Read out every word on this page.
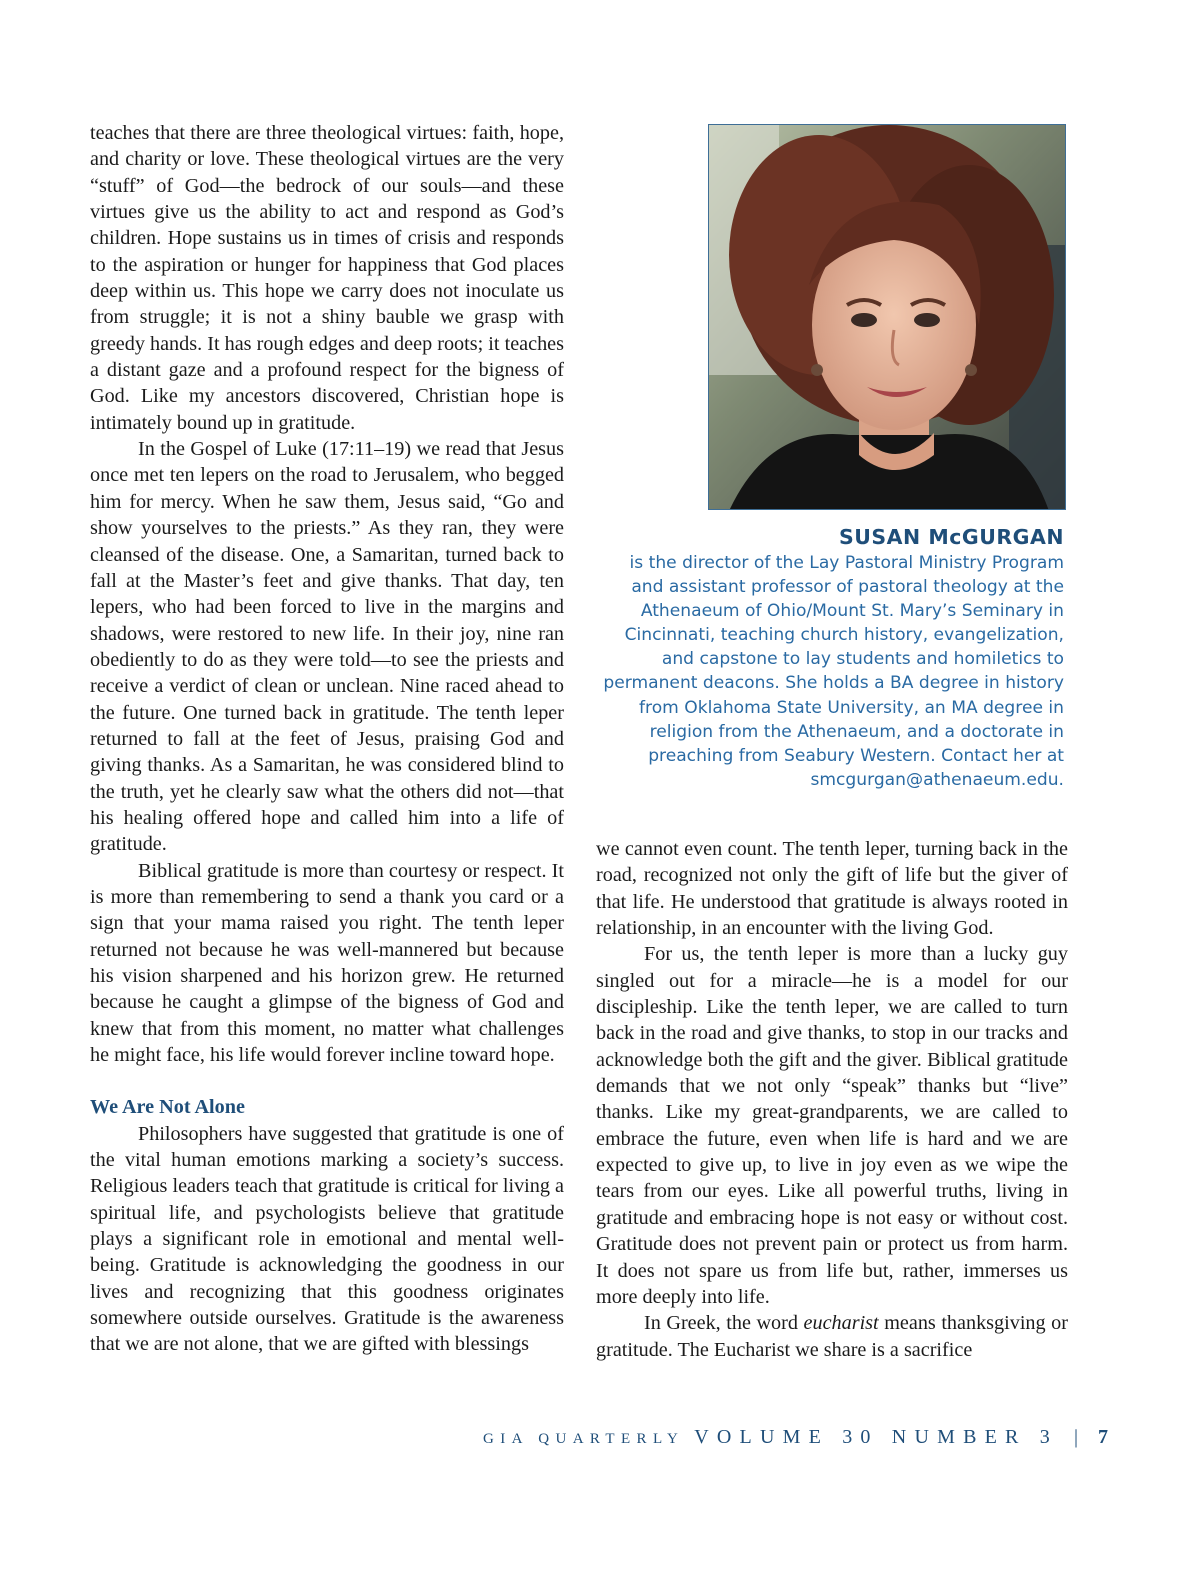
teaches that there are three theological virtues: faith, hope, and charity or love. These theological virtues are the very “stuff” of God—the bedrock of our souls—and these virtues give us the ability to act and respond as God’s children. Hope sustains us in times of crisis and responds to the aspiration or hunger for happiness that God places deep within us. This hope we carry does not inoculate us from struggle; it is not a shiny bauble we grasp with greedy hands. It has rough edges and deep roots; it teaches a distant gaze and a profound respect for the bigness of God. Like my ancestors discovered, Christian hope is intimately bound up in gratitude.

In the Gospel of Luke (17:11–19) we read that Jesus once met ten lepers on the road to Jerusalem, who begged him for mercy. When he saw them, Jesus said, “Go and show yourselves to the priests.” As they ran, they were cleansed of the disease. One, a Samaritan, turned back to fall at the Master’s feet and give thanks. That day, ten lepers, who had been forced to live in the margins and shadows, were restored to new life. In their joy, nine ran obediently to do as they were told—to see the priests and receive a verdict of clean or unclean. Nine raced ahead to the future. One turned back in gratitude. The tenth leper returned to fall at the feet of Jesus, praising God and giving thanks. As a Samaritan, he was considered blind to the truth, yet he clearly saw what the others did not—that his healing offered hope and called him into a life of gratitude.

Biblical gratitude is more than courtesy or respect. It is more than remembering to send a thank you card or a sign that your mama raised you right. The tenth leper returned not because he was well-mannered but because his vision sharpened and his horizon grew. He returned because he caught a glimpse of the bigness of God and knew that from this moment, no matter what challenges he might face, his life would forever incline toward hope.

We Are Not Alone

Philosophers have suggested that gratitude is one of the vital human emotions marking a society’s success. Religious leaders teach that gratitude is critical for living a spiritual life, and psychologists believe that gratitude plays a significant role in emotional and mental well-being. Gratitude is acknowledging the goodness in our lives and recognizing that this goodness originates somewhere outside ourselves. Gratitude is the awareness that we are not alone, that we are gifted with blessings

SUSAN McGURGAN

is the director of the Lay Pastoral Ministry Program and assistant professor of pastoral theology at the Athenaeum of Ohio/Mount St. Mary’s Seminary in Cincinnati, teaching church history, evangelization, and capstone to lay students and homiletics to permanent deacons. She holds a BA degree in history from Oklahoma State University, an MA degree in religion from the Athenaeum, and a doctorate in preaching from Seabury Western. Contact her at smcgurgan@athenaeum.edu.

we cannot even count. The tenth leper, turning back in the road, recognized not only the gift of life but the giver of that life. He understood that gratitude is always rooted in relationship, in an encounter with the living God.

For us, the tenth leper is more than a lucky guy singled out for a miracle—he is a model for our discipleship. Like the tenth leper, we are called to turn back in the road and give thanks, to stop in our tracks and acknowledge both the gift and the giver. Biblical gratitude demands that we not only “speak” thanks but “live” thanks. Like my great-grandparents, we are called to embrace the future, even when life is hard and we are expected to give up, to live in joy even as we wipe the tears from our eyes. Like all powerful truths, living in gratitude and embracing hope is not easy or without cost. Gratitude does not prevent pain or protect us from harm. It does not spare us from life but, rather, immerses us more deeply into life.

In Greek, the word eucharist means thanksgiving or gratitude. The Eucharist we share is a sacrifice

GIA QUARTERLY VOLUME 30 NUMBER 3 | 7
